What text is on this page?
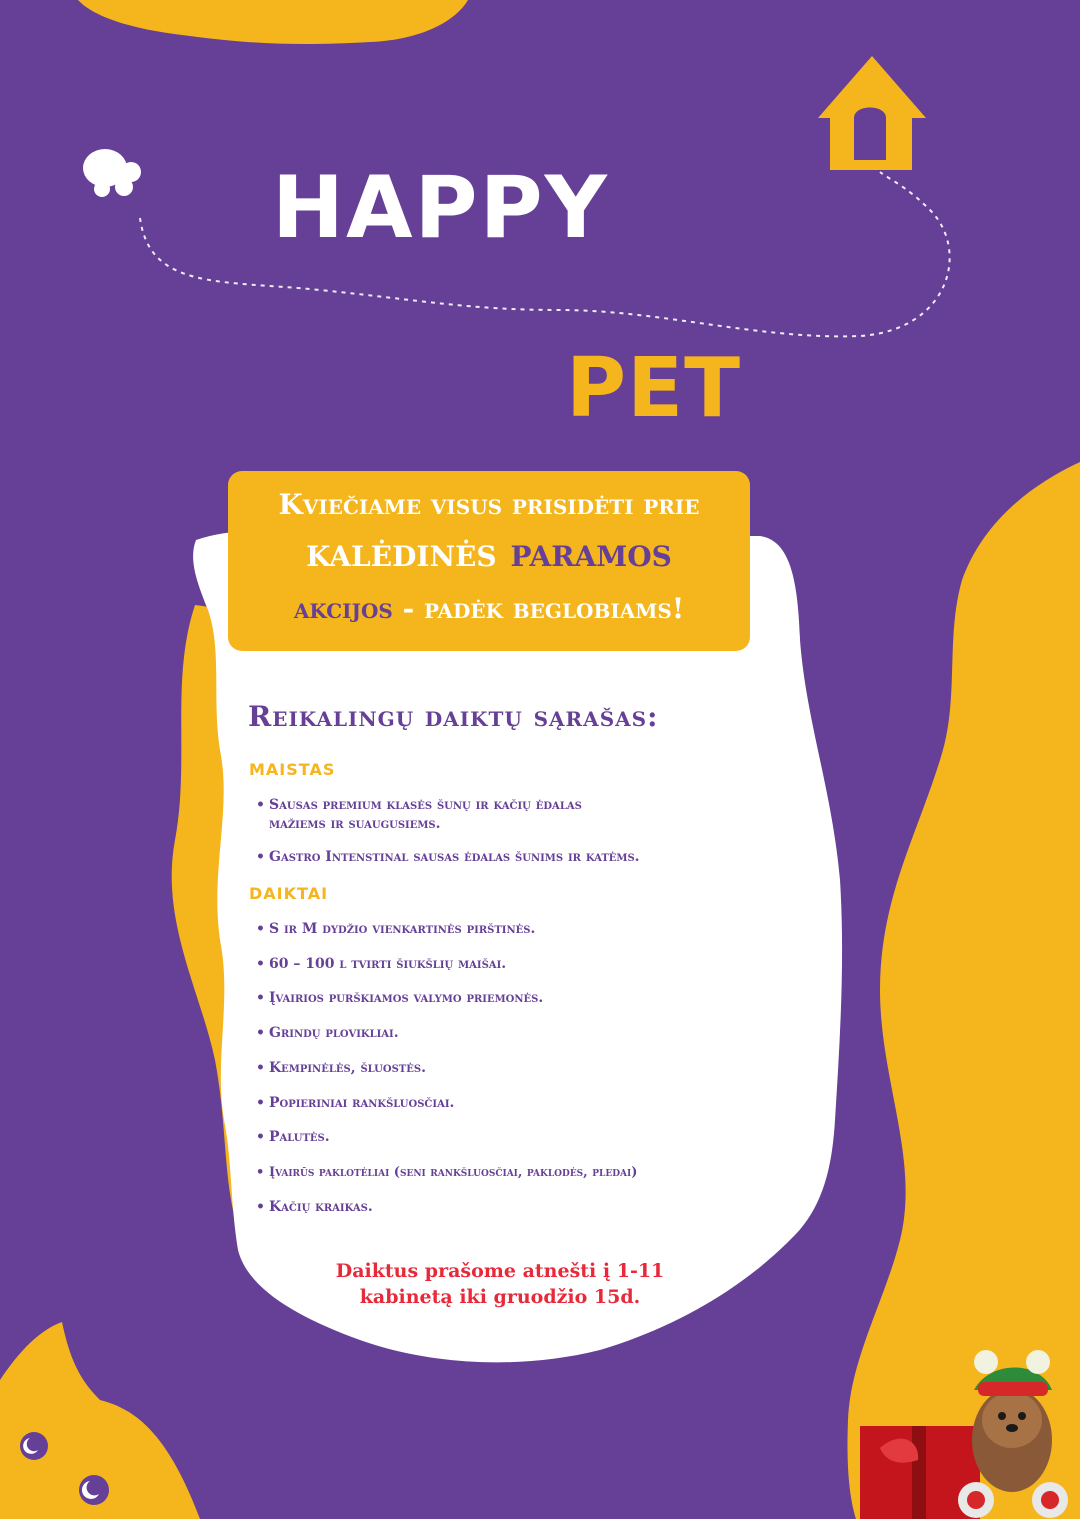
HAPPY
PET
Kviečiame visus prisidėti prie
kalėdinės paramos
akcijos - padėk beglobiams!
Reikalingų daiktų sąrašas:
MAISTAS
• Sausas premium klasės šunų ir kačių ėdalas
mažiems ir suaugusiems.
• Gastro Intenstinal sausas ėdalas šunims ir katėms.
DAIKTAI
• S ir M dydžio vienkartinės pirštinės.
• 60 – 100 l tvirti šiukšlių maišai.
• Įvairios purškiamos valymo priemonės.
• Grindų plovikliai.
• Kempinėlės, šluostės.
• Popieriniai rankšluosčiai.
• Palutės.
• Įvairūs paklotėliai (seni rankšluosčiai, paklodės, pledai)
• Kačių kraikas.
Daiktus prašome atnešti į 1-11
kabinetą iki gruodžio 15d.
